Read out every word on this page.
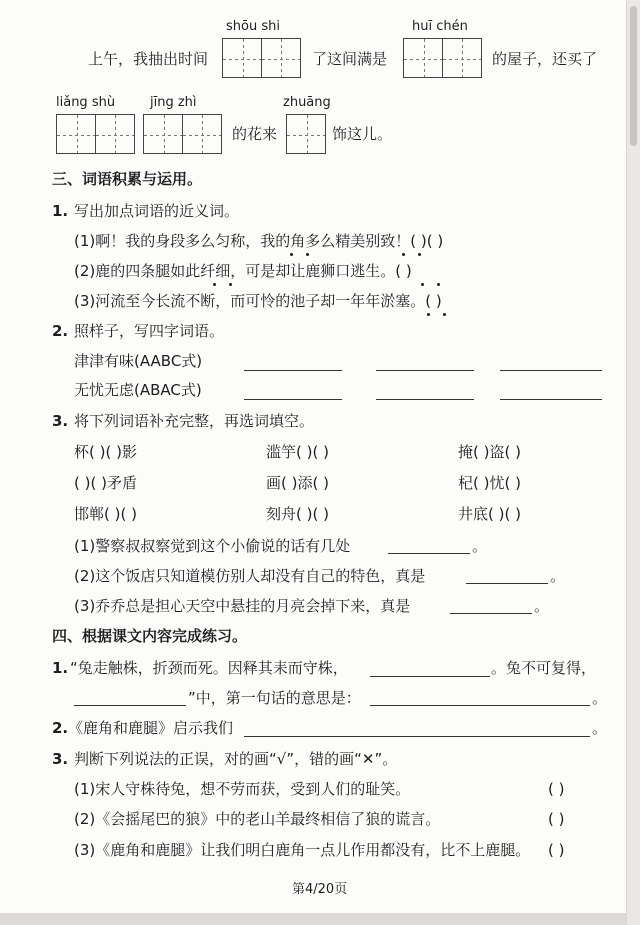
shōu shi	huī chén
上午，我抽出时间	了这间满是	的屋子，还买了
liǎng shù	jīng zhì	zhuāng
的花来	饰这儿。
三、词语积累与运用。
1. 写出加点词语的近义词。
(1)啊！我的身段多么匀称，我的角多么精美别致！( )( )
(2)鹿的四条腿如此纤细，可是却让鹿狮口逃生。( )
(3)河流至今长流不断，而可怜的池子却一年年淤塞。( )
2. 照样子，写四字词语。
津津有味(AABC式)
无忧无虑(ABAC式)
3. 将下列词语补充完整，再选词填空。
杯( )( )影	滥竽( )( )	掩( )盗( )
( )( )矛盾	画( )添( )	杞( )忧( )
邯郸( )( )	刻舟( )( )	井底( )( )
(1)警察叔叔察觉到这个小偷说的话有几处	。
(2)这个饭店只知道模仿别人却没有自己的特色，真是	。
(3)乔乔总是担心天空中悬挂的月亮会掉下来，真是	。
四、根据课文内容完成练习。
1. “兔走触株，折颈而死。因释其耒而守株，	。兔不可复得，
”中，第一句话的意思是：	。
2. 《鹿角和鹿腿》启示我们	。
3. 判断下列说法的正误，对的画“√”，错的画“✕”。
(1)宋人守株待兔，想不劳而获，受到人们的耻笑。	( )
(2)《会摇尾巴的狼》中的老山羊最终相信了狼的谎言。	( )
(3)《鹿角和鹿腿》让我们明白鹿角一点儿作用都没有，比不上鹿腿。 ( )
第4/20页
